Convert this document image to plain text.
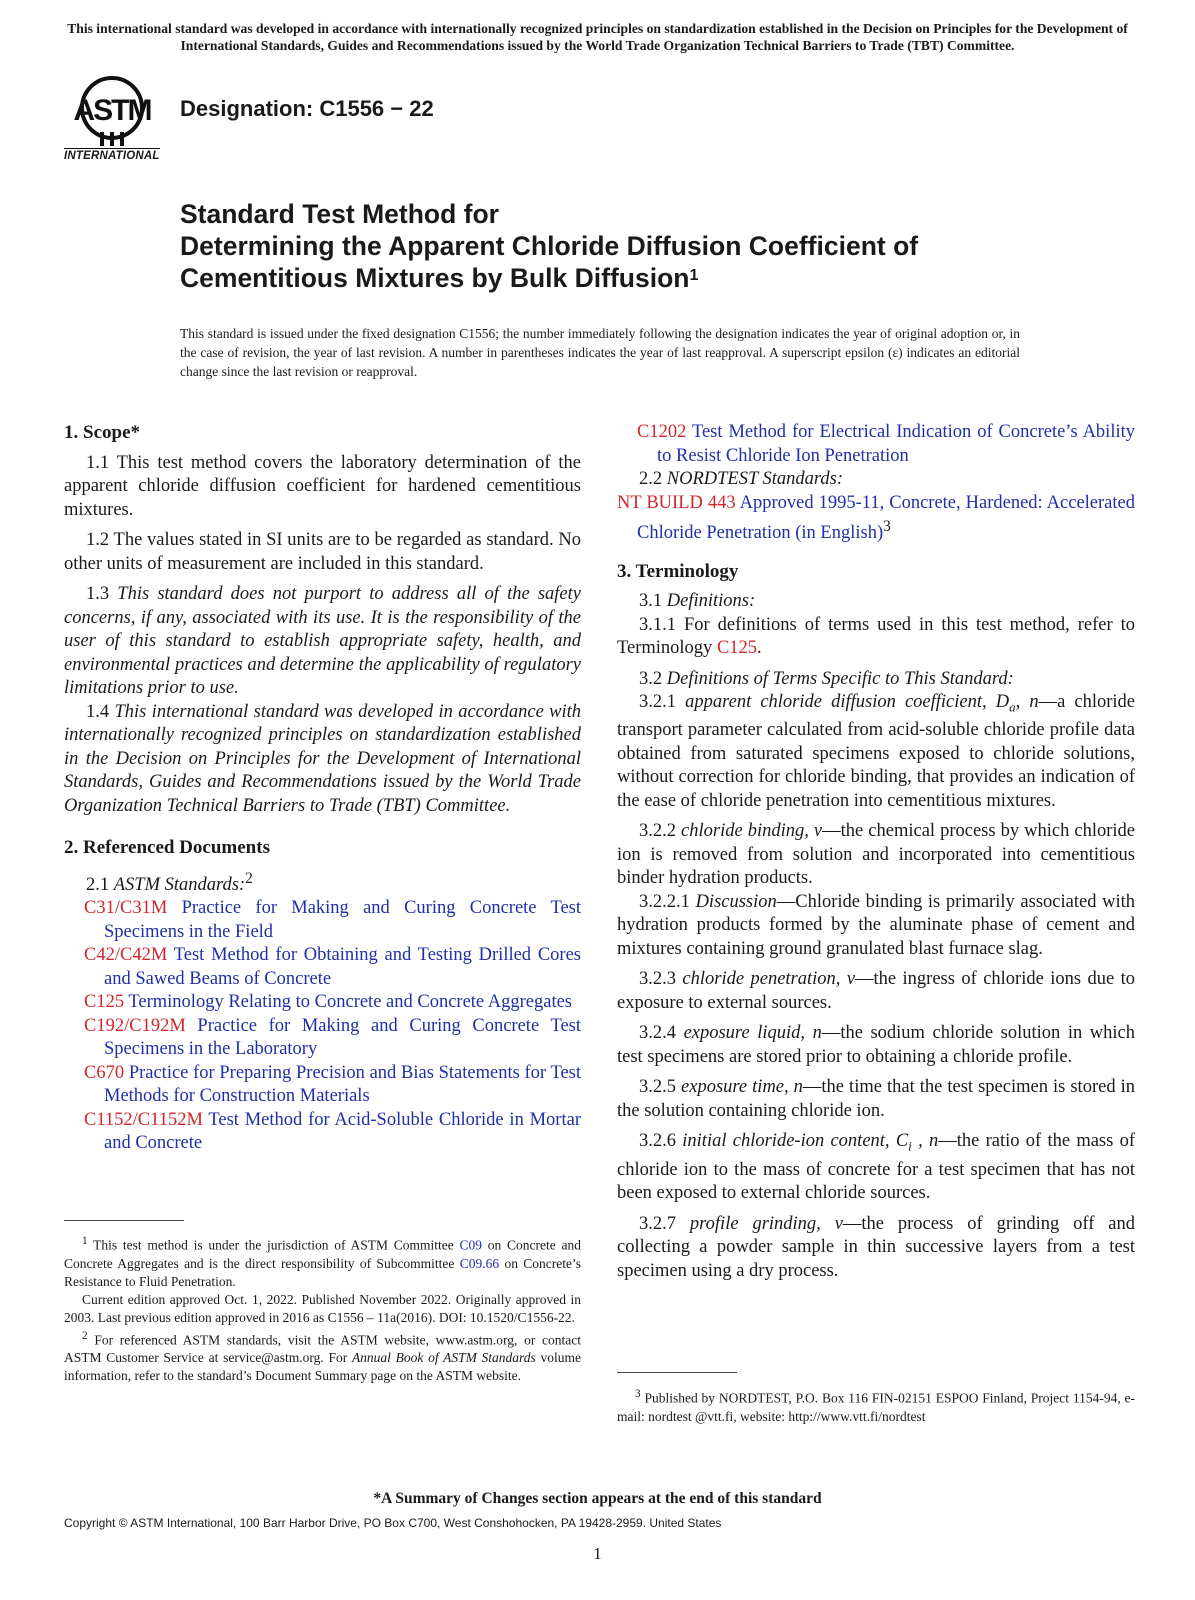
This international standard was developed in accordance with internationally recognized principles on standardization established in the Decision on Principles for the Development of International Standards, Guides and Recommendations issued by the World Trade Organization Technical Barriers to Trade (TBT) Committee.
ASTM
INTERNATIONAL
Designation: C1556 − 22
Standard Test Method for
Determining the Apparent Chloride Diffusion Coefficient of
Cementitious Mixtures by Bulk Diffusion$^1$
This standard is issued under the fixed designation C1556; the number immediately following the designation indicates the year of original adoption or, in the case of revision, the year of last revision. A number in parentheses indicates the year of last reapproval. A superscript epsilon (ε) indicates an editorial change since the last revision or reapproval.

1. Scope*

1.1 This test method covers the laboratory determination of the apparent chloride diffusion coefficient for hardened cementitious mixtures.

1.2 The values stated in SI units are to be regarded as standard. No other units of measurement are included in this standard.

1.3 This standard does not purport to address all of the safety concerns, if any, associated with its use. It is the responsibility of the user of this standard to establish appropriate safety, health, and environmental practices and determine the applicability of regulatory limitations prior to use.

1.4 This international standard was developed in accordance with internationally recognized principles on standardization established in the Decision on Principles for the Development of International Standards, Guides and Recommendations issued by the World Trade Organization Technical Barriers to Trade (TBT) Committee.

2. Referenced Documents

2.1 ASTM Standards:$^2$

C31/C31M Practice for Making and Curing Concrete Test Specimens in the Field

C42/C42M Test Method for Obtaining and Testing Drilled Cores and Sawed Beams of Concrete

C125 Terminology Relating to Concrete and Concrete Aggregates

C192/C192M Practice for Making and Curing Concrete Test Specimens in the Laboratory

C670 Practice for Preparing Precision and Bias Statements for Test Methods for Construction Materials

C1152/C1152M Test Method for Acid-Soluble Chloride in Mortar and Concrete

C1202 Test Method for Electrical Indication of Concrete’s Ability to Resist Chloride Ion Penetration

2.2 NORDTEST Standards:

NT BUILD 443 Approved 1995-11, Concrete, Hardened: Accelerated Chloride Penetration (in English)$^3$

3. Terminology

3.1 Definitions:

3.1.1 For definitions of terms used in this test method, refer to Terminology C125.

3.2 Definitions of Terms Specific to This Standard:

3.2.1 apparent chloride diffusion coefficient, $D_a$, n—a chloride transport parameter calculated from acid-soluble chloride profile data obtained from saturated specimens exposed to chloride solutions, without correction for chloride binding, that provides an indication of the ease of chloride penetration into cementitious mixtures.

3.2.2 chloride binding, v—the chemical process by which chloride ion is removed from solution and incorporated into cementitious binder hydration products.

3.2.2.1 Discussion—Chloride binding is primarily associated with hydration products formed by the aluminate phase of cement and mixtures containing ground granulated blast furnace slag.

3.2.3 chloride penetration, v—the ingress of chloride ions due to exposure to external sources.

3.2.4 exposure liquid, n—the sodium chloride solution in which test specimens are stored prior to obtaining a chloride profile.

3.2.5 exposure time, n—the time that the test specimen is stored in the solution containing chloride ion.

3.2.6 initial chloride-ion content, $C_i$ , n—the ratio of the mass of chloride ion to the mass of concrete for a test specimen that has not been exposed to external chloride sources.

3.2.7 profile grinding, v—the process of grinding off and collecting a powder sample in thin successive layers from a test specimen using a dry process.

$^1$ This test method is under the jurisdiction of ASTM Committee C09 on Concrete and Concrete Aggregates and is the direct responsibility of Subcommittee C09.66 on Concrete’s Resistance to Fluid Penetration.

Current edition approved Oct. 1, 2022. Published November 2022. Originally approved in 2003. Last previous edition approved in 2016 as C1556 – 11a(2016). DOI: 10.1520/C1556-22.

$^2$ For referenced ASTM standards, visit the ASTM website, www.astm.org, or contact ASTM Customer Service at service@astm.org. For Annual Book of ASTM Standards volume information, refer to the standard’s Document Summary page on the ASTM website.

$^3$ Published by NORDTEST, P.O. Box 116 FIN-02151 ESPOO Finland, Project 1154-94, e-mail: nordtest @vtt.fi, website: http://www.vtt.fi/nordtest

*A Summary of Changes section appears at the end of this standard
Copyright © ASTM International, 100 Barr Harbor Drive, PO Box C700, West Conshohocken, PA 19428-2959. United States
1
